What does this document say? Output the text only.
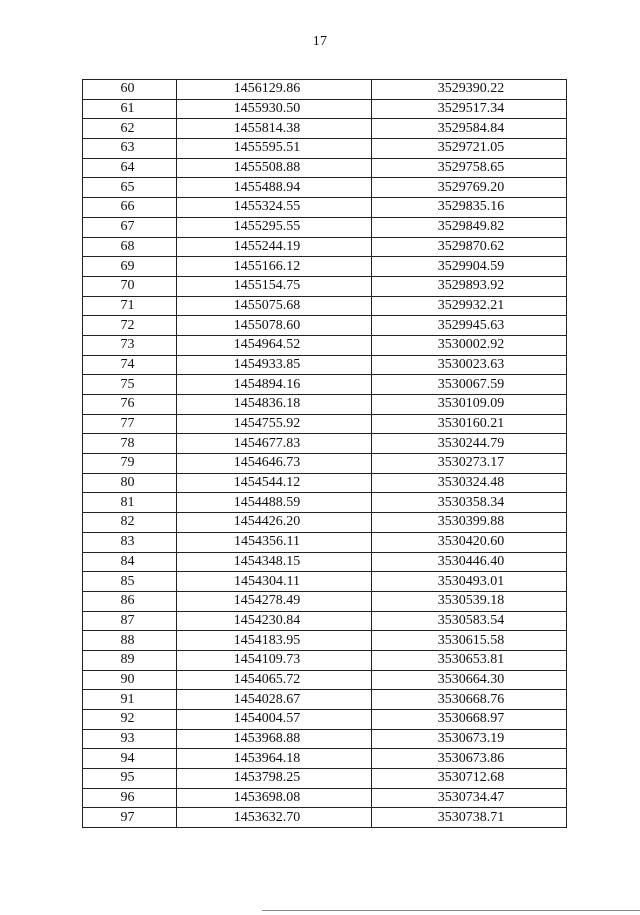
17
60	1456129.86	3529390.22
61	1455930.50	3529517.34
62	1455814.38	3529584.84
63	1455595.51	3529721.05
64	1455508.88	3529758.65
65	1455488.94	3529769.20
66	1455324.55	3529835.16
67	1455295.55	3529849.82
68	1455244.19	3529870.62
69	1455166.12	3529904.59
70	1455154.75	3529893.92
71	1455075.68	3529932.21
72	1455078.60	3529945.63
73	1454964.52	3530002.92
74	1454933.85	3530023.63
75	1454894.16	3530067.59
76	1454836.18	3530109.09
77	1454755.92	3530160.21
78	1454677.83	3530244.79
79	1454646.73	3530273.17
80	1454544.12	3530324.48
81	1454488.59	3530358.34
82	1454426.20	3530399.88
83	1454356.11	3530420.60
84	1454348.15	3530446.40
85	1454304.11	3530493.01
86	1454278.49	3530539.18
87	1454230.84	3530583.54
88	1454183.95	3530615.58
89	1454109.73	3530653.81
90	1454065.72	3530664.30
91	1454028.67	3530668.76
92	1454004.57	3530668.97
93	1453968.88	3530673.19
94	1453964.18	3530673.86
95	1453798.25	3530712.68
96	1453698.08	3530734.47
97	1453632.70	3530738.71
